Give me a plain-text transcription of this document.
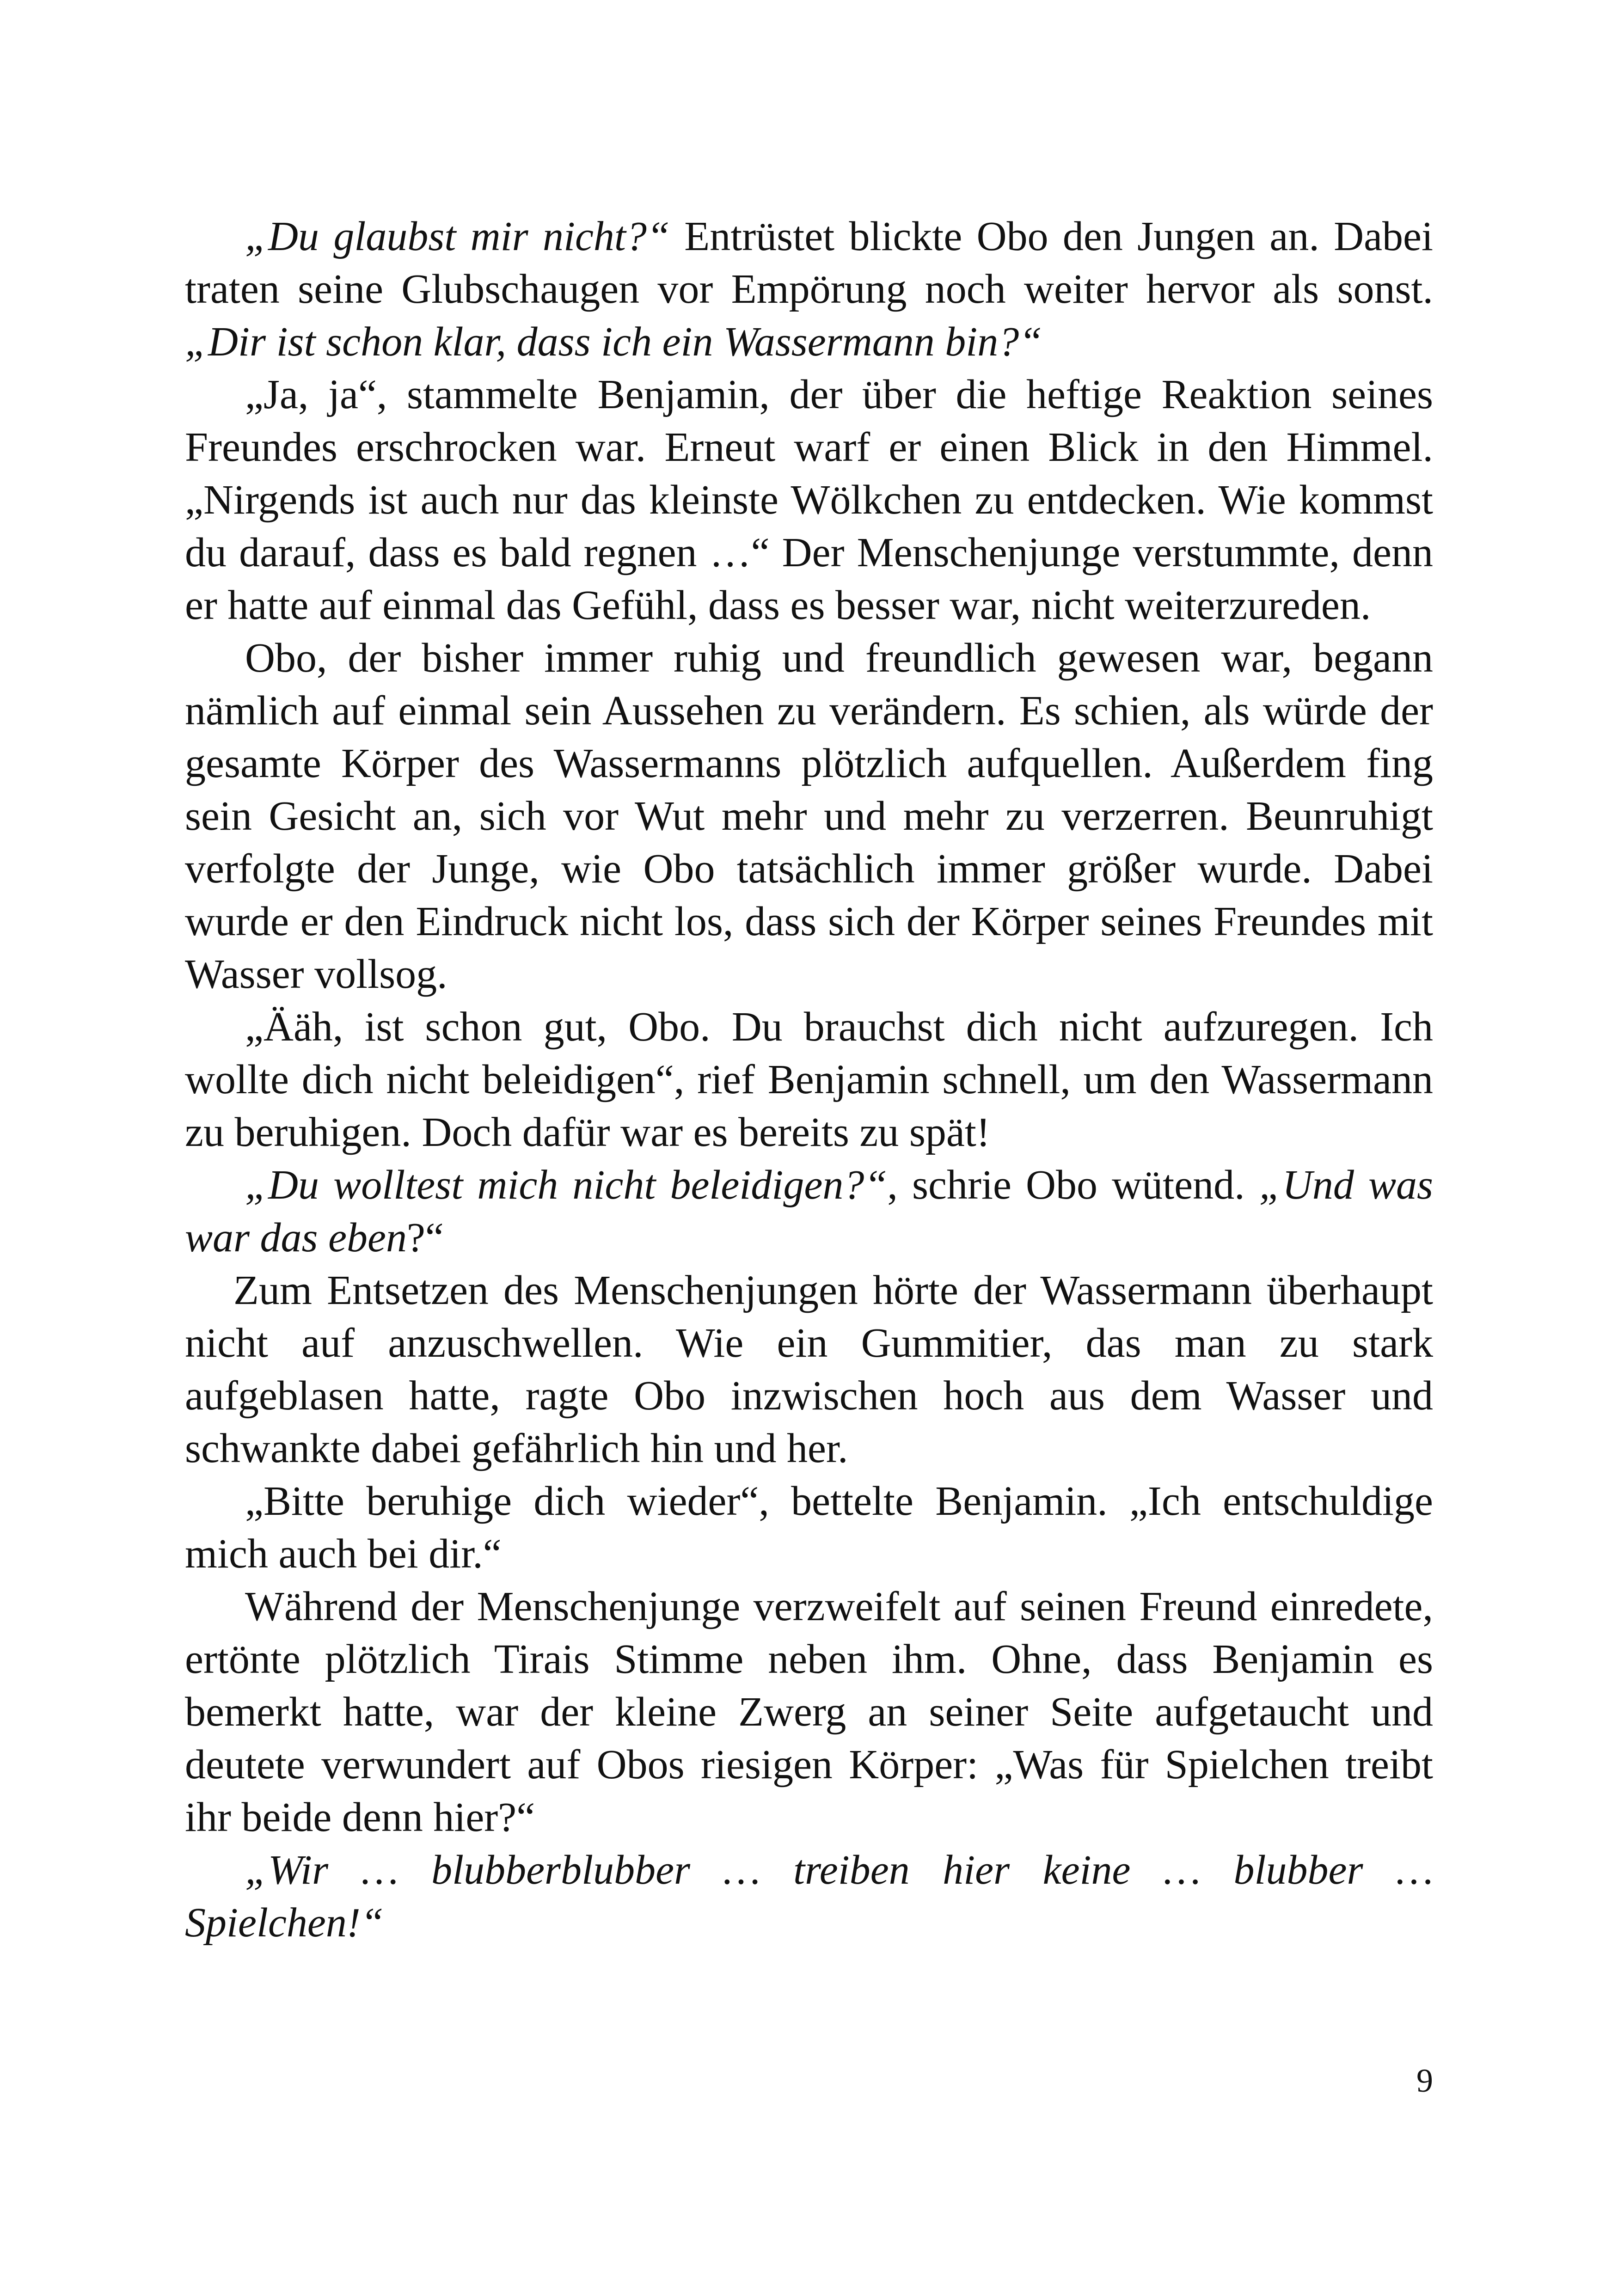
„Du glaubst mir nicht?“ Entrüstet blickte Obo den Jungen an. Dabei traten seine Glubschaugen vor Empörung noch weiter hervor als sonst. „Dir ist schon klar, dass ich ein Wassermann bin?“

„Ja, ja“, stammelte Benjamin, der über die heftige Reaktion seines Freundes erschrocken war. Erneut warf er einen Blick in den Himmel. „Nirgends ist auch nur das kleinste Wölkchen zu entdecken. Wie kommst du darauf, dass es bald regnen …“ Der Menschenjunge verstummte, denn er hatte auf einmal das Gefühl, dass es besser war, nicht weiterzureden.

Obo, der bisher immer ruhig und freundlich gewesen war, begann nämlich auf einmal sein Aussehen zu verändern. Es schien, als würde der gesamte Körper des Wassermanns plötzlich aufquellen. Außerdem fing sein Gesicht an, sich vor Wut mehr und mehr zu verzerren. Beunruhigt verfolgte der Junge, wie Obo tatsächlich immer größer wurde. Dabei wurde er den Eindruck nicht los, dass sich der Körper seines Freundes mit Wasser vollsog.

„Ääh, ist schon gut, Obo. Du brauchst dich nicht aufzuregen. Ich wollte dich nicht beleidigen“, rief Benjamin schnell, um den Wassermann zu beruhigen. Doch dafür war es bereits zu spät!

„Du wolltest mich nicht beleidigen?“, schrie Obo wütend. „Und was war das eben?“

Zum Entsetzen des Menschenjungen hörte der Wassermann überhaupt nicht auf anzuschwellen. Wie ein Gummitier, das man zu stark aufgeblasen hatte, ragte Obo inzwischen hoch aus dem Wasser und schwankte dabei gefährlich hin und her.

„Bitte beruhige dich wieder“, bettelte Benjamin. „Ich entschuldige mich auch bei dir.“

Während der Menschenjunge verzweifelt auf seinen Freund einredete, ertönte plötzlich Tirais Stimme neben ihm. Ohne, dass Benjamin es bemerkt hatte, war der kleine Zwerg an seiner Seite aufgetaucht und deutete verwundert auf Obos riesigen Körper: „Was für Spielchen treibt ihr beide denn hier?“

„Wir … blubberblubber … treiben hier keine … blubber … Spielchen!“

9
